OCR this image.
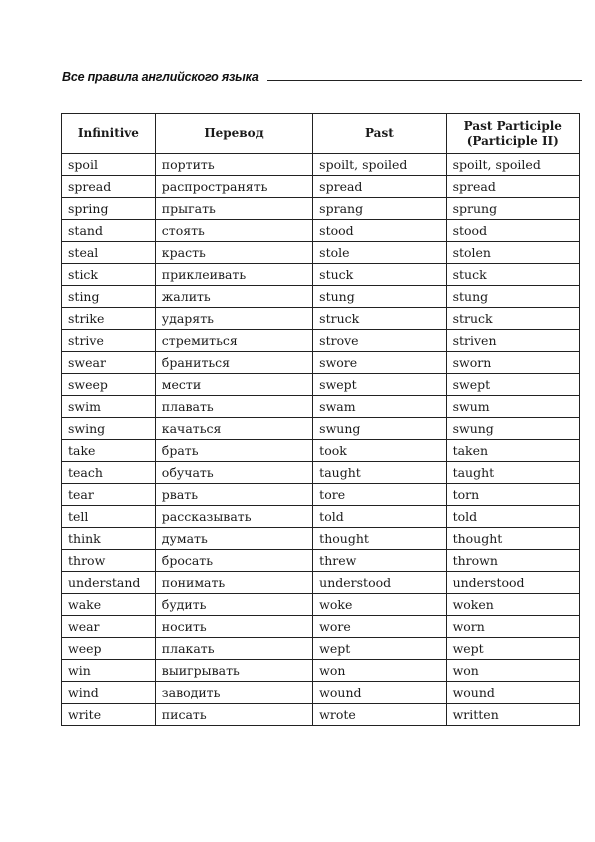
Все правила английского языка
Infinitive	Перевод	Past	Past Participle
(Participle II)

spoil	портить	spoilt, spoiled	spoilt, spoiled
spread	распространять	spread	spread
spring	прыгать	sprang	sprung
stand	стоять	stood	stood
steal	красть	stole	stolen
stick	приклеивать	stuck	stuck
sting	жалить	stung	stung
strike	ударять	struck	struck
strive	стремиться	strove	striven
swear	браниться	swore	sworn
sweep	мести	swept	swept
swim	плавать	swam	swum
swing	качаться	swung	swung
take	брать	took	taken
teach	обучать	taught	taught
tear	рвать	tore	torn
tell	рассказывать	told	told
think	думать	thought	thought
throw	бросать	threw	thrown
understand	понимать	understood	understood
wake	будить	woke	woken
wear	носить	wore	worn
weep	плакать	wept	wept
win	выигрывать	won	won
wind	заводить	wound	wound
write	писать	wrote	written
